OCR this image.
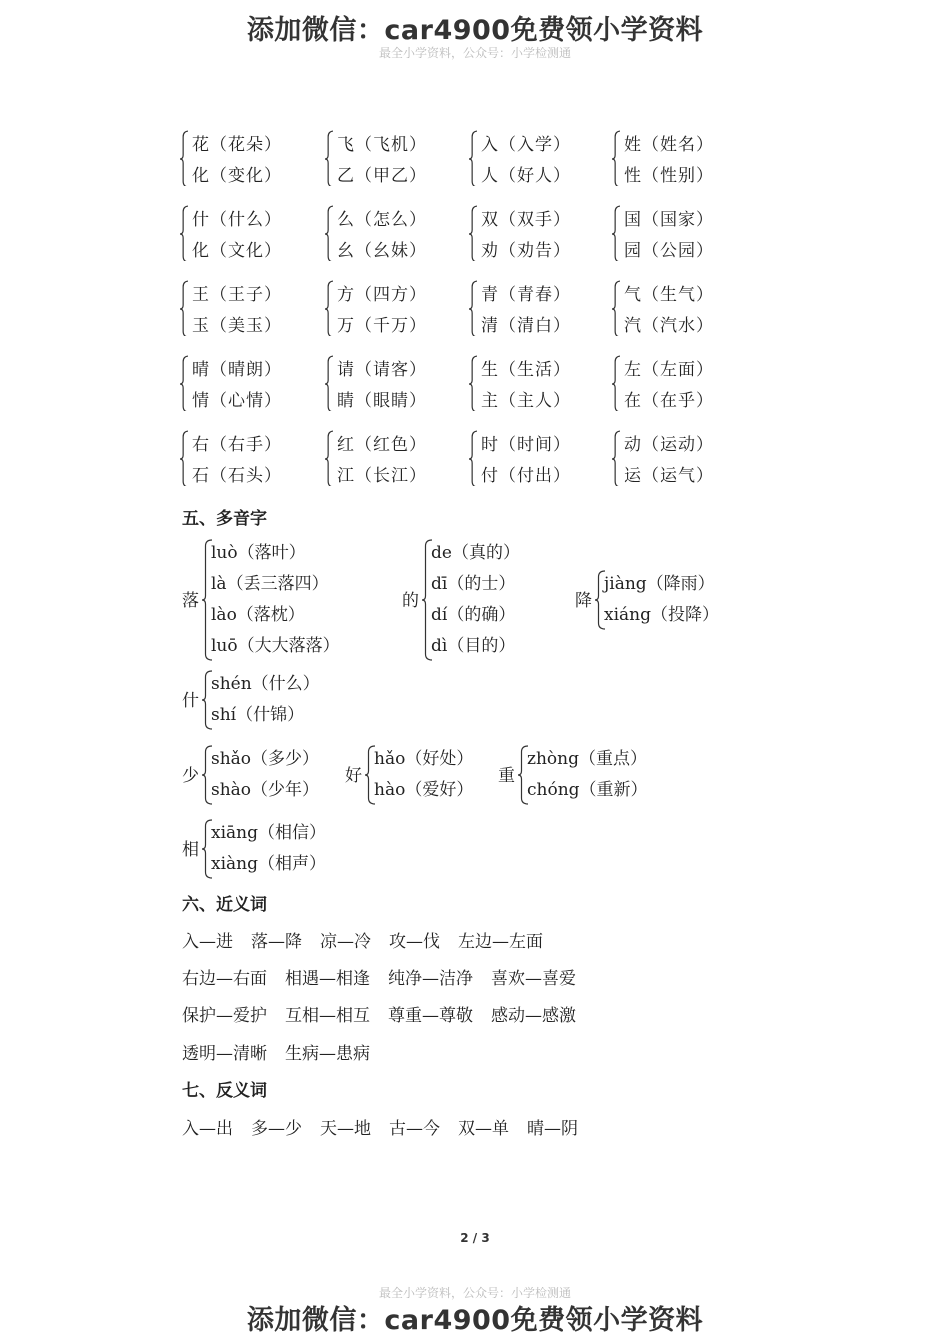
添加微信：car4900免费领小学资料
最全小学资料，公众号：小学检测通
花（花朵）
化（变化）
飞（飞机）
乙（甲乙）
入（入学）
人（好人）
姓（姓名）
性（性别）
什（什么）
化（文化）
么（怎么）
幺（幺妹）
双（双手）
劝（劝告）
国（国家）
园（公园）
王（王子）
玉（美玉）
方（四方）
万（千万）
青（青春）
清（清白）
气（生气）
汽（汽水）
晴（晴朗）
情（心情）
请（请客）
睛（眼睛）
生（生活）
主（主人）
左（左面）
在（在乎）
右（右手）
石（石头）
红（红色）
江（长江）
时（时间）
付（付出）
动（运动）
运（运气）
五、多音字
落
luò（落叶）
là（丢三落四）
lào（落枕）
luō（大大落落）
的
de（真的）
dī（的士）
dí（的确）
dì（目的）
降
jiàng（降雨）
xiáng（投降）
什
shén（什么）
shí（什锦）
少
shǎo（多少）
shào（少年）
好
hǎo（好处）
hào（爱好）
重
zhòng（重点）
chóng（重新）
相
xiāng（相信）
xiàng（相声）
六、近义词
入—进 落—降 凉—冷 攻—伐 左边—左面
右边—右面 相遇—相逢 纯净—洁净 喜欢—喜爱
保护—爱护 互相—相互 尊重—尊敬 感动—感激
透明—清晰 生病—患病
七、反义词
入—出 多—少 天—地 古—今 双—单 晴—阴
2 / 3
最全小学资料，公众号：小学检测通
添加微信：car4900免费领小学资料
